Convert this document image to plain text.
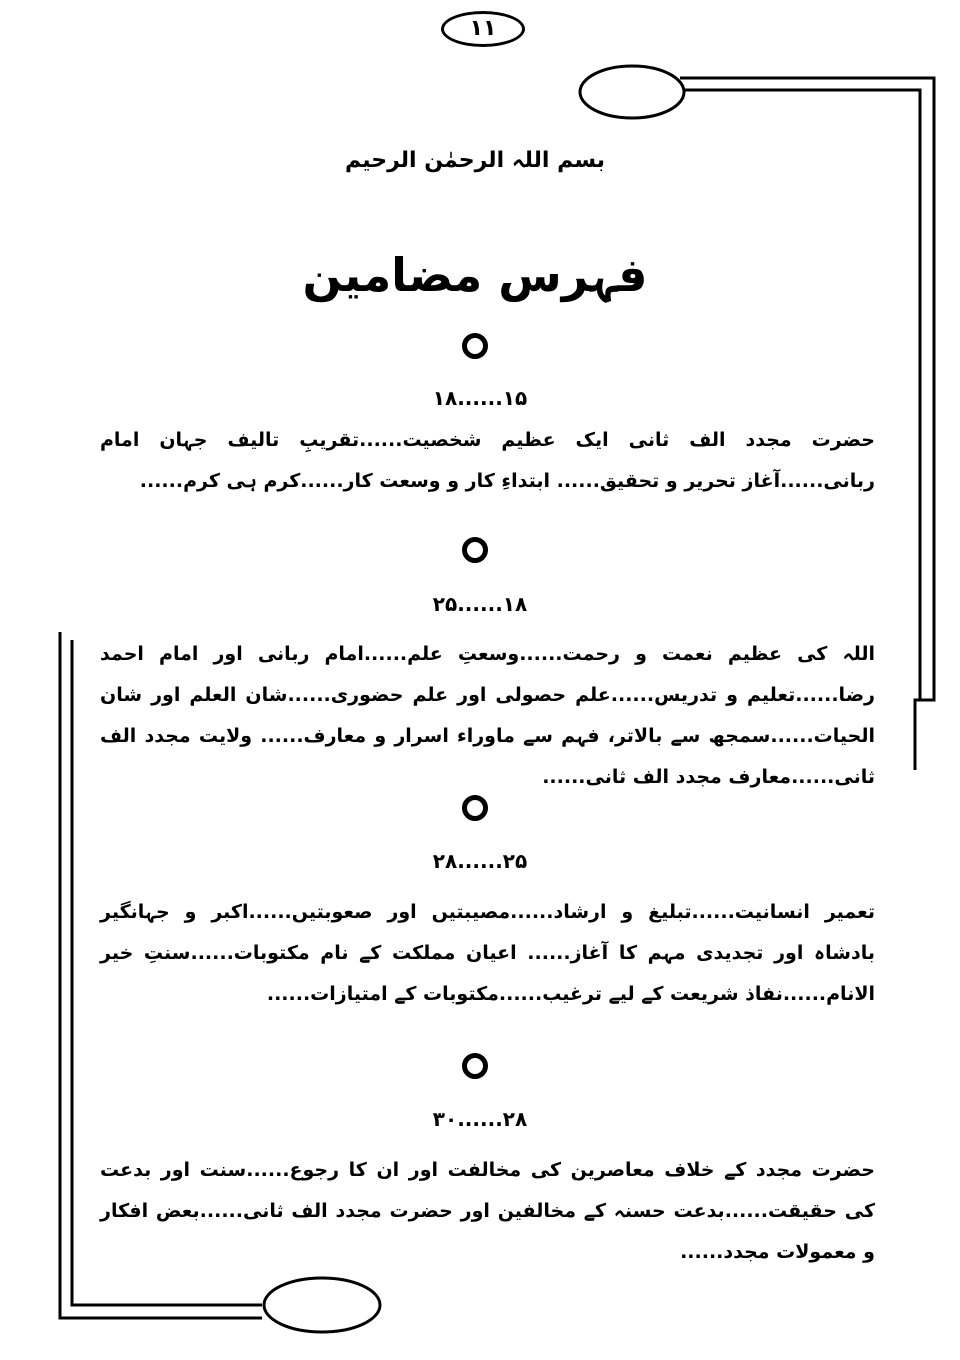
۱۱
بسم اللہ الرحمٰن الرحیم
فہرس مضامین
۱۵......۱۸
حضرت مجدد الف ثانی ایک عظیم شخصیت......تقریبِ تالیف جہان امام ربانی......آغاز تحریر و تحقیق...... ابتداءِ کار و وسعت کار......کرم ہی کرم......
۱۸......۲۵
اللہ کی عظیم نعمت و رحمت......وسعتِ علم......امام ربانی اور امام احمد رضا......تعلیم و تدریس......علم حصولی اور علم حضوری......شان العلم اور شان الحیات......سمجھ سے بالاتر، فہم سے ماوراء اسرار و معارف...... ولایت مجدد الف ثانی......معارف مجدد الف ثانی......
۲۵......۲۸
تعمیر انسانیت......تبلیغ و ارشاد......مصیبتیں اور صعوبتیں......اکبر و جہانگیر بادشاہ اور تجدیدی مہم کا آغاز...... اعیان مملکت کے نام مکتوبات......سنتِ خیر الانام......نفاذ شریعت کے لیے ترغیب......مکتوبات کے امتیازات......
۲۸......۳۰
حضرت مجدد کے خلاف معاصرین کی مخالفت اور ان کا رجوع......سنت اور بدعت کی حقیقت......بدعت حسنہ کے مخالفین اور حضرت مجدد الف ثانی......بعض افکار و معمولات مجدد......
